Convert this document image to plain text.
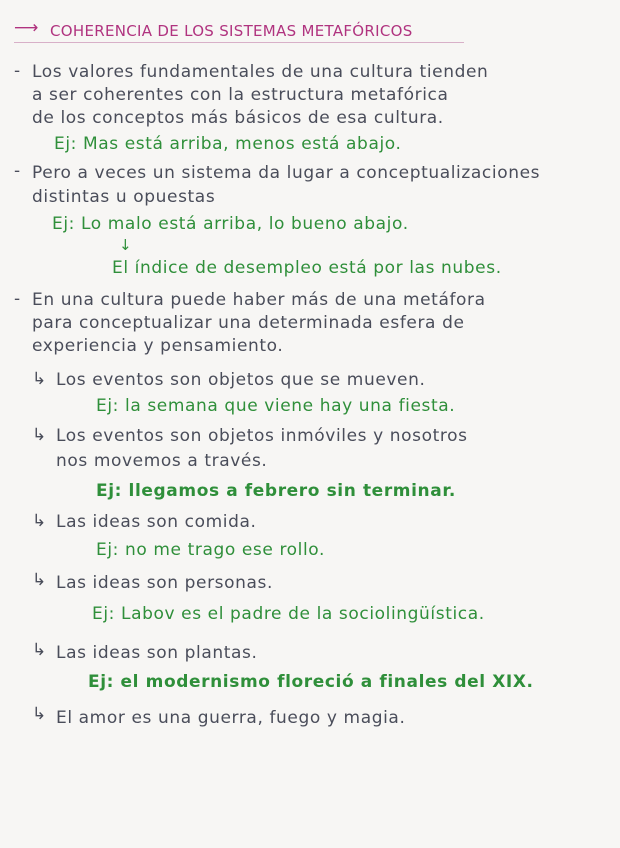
⟶ COHERENCIA DE LOS SISTEMAS METAFÓRICOS
- Los valores fundamentales de una cultura tienden
a ser coherentes con la estructura metafórica
de los conceptos más básicos de esa cultura.
Ej: Mas está arriba, menos está abajo.
- Pero a veces un sistema da lugar a conceptualizaciones
distintas u opuestas
Ej: Lo malo está arriba, lo bueno abajo.
↓
El índice de desempleo está por las nubes.
- En una cultura puede haber más de una metáfora
para conceptualizar una determinada esfera de
experiencia y pensamiento.
↳ Los eventos son objetos que se mueven.
Ej: la semana que viene hay una fiesta.
↳ Los eventos son objetos inmóviles y nosotros
nos movemos a través.
Ej: llegamos a febrero sin terminar.
↳ Las ideas son comida.
Ej: no me trago ese rollo.
↳ Las ideas son personas.
Ej: Labov es el padre de la sociolingüística.
↳ Las ideas son plantas.
Ej: el modernismo floreció a finales del XIX.
↳ El amor es una guerra, fuego y magia.
